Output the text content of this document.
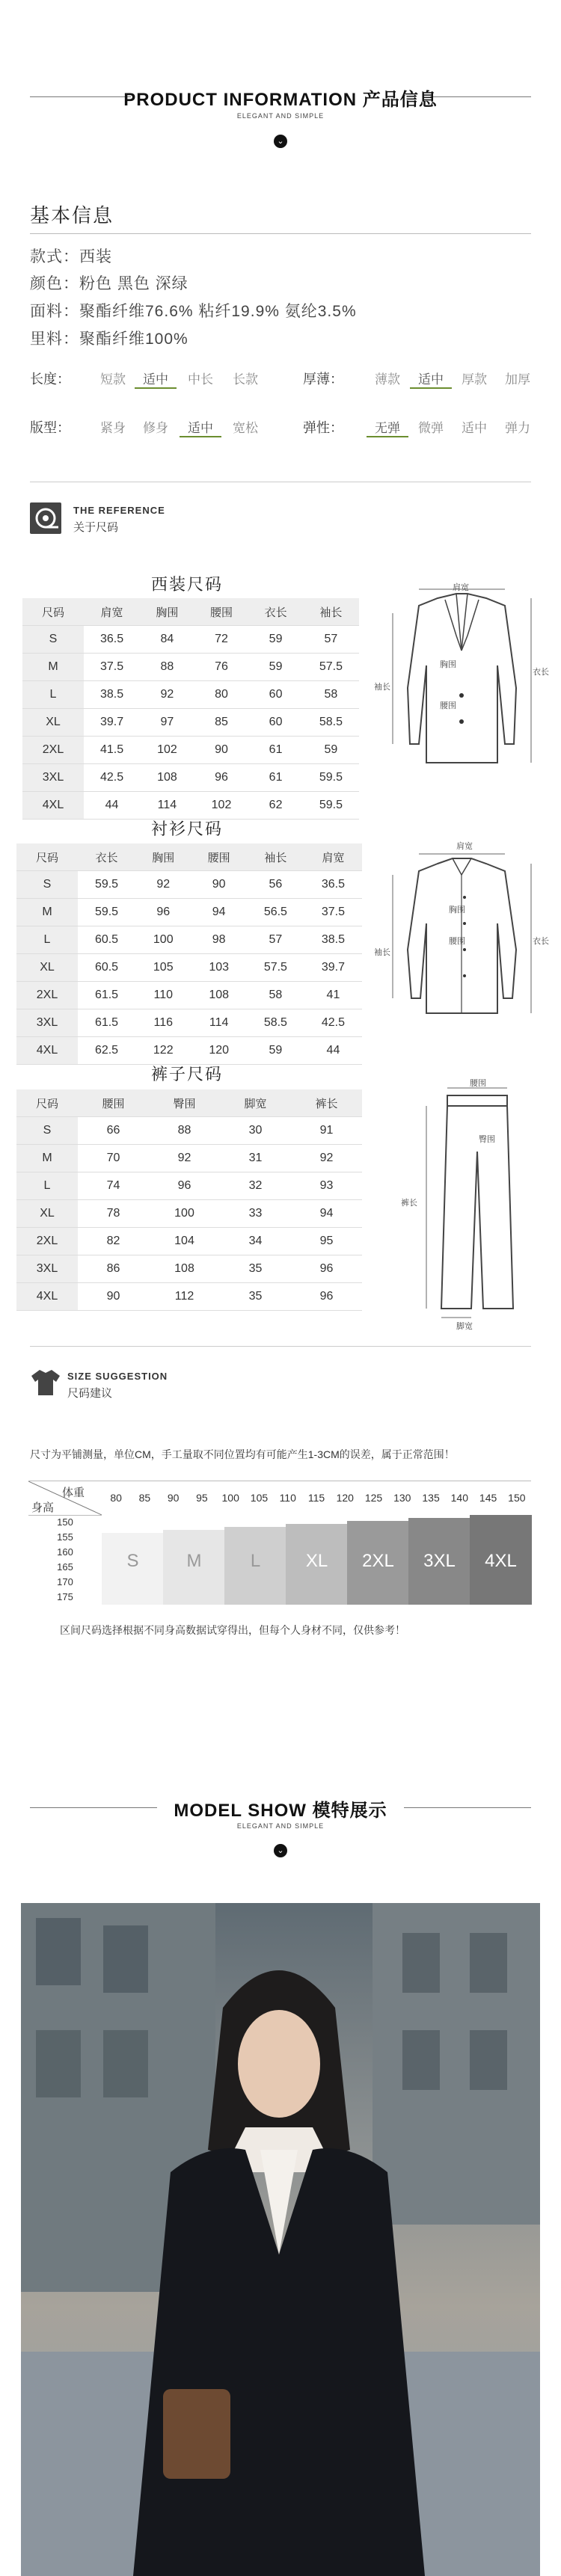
PRODUCT INFORMATION 产品信息
ELEGANT AND SIMPLE
⌄
基本信息
款式：西装
颜色：粉色 黑色 深绿
面料：聚酯纤维76.6% 粘纤19.9% 氨纶3.5%
里料：聚酯纤维100%
长度：	短款	适中	中长	长款	厚薄：	薄款	适中	厚款	加厚
版型：	紧身	修身	适中	宽松	弹性：	无弹	微弹	适中	弹力
THE REFERENCE
关于尺码
西装尺码
尺码	肩宽	胸围	腰围	衣长	袖长
S	36.5	84	72	59	57
M	37.5	88	76	59	57.5
L	38.5	92	80	60	58
XL	39.7	97	85	60	58.5
2XL	41.5	102	90	61	59
3XL	42.5	108	96	61	59.5
4XL	44	114	102	62	59.5
肩宽
胸围
腰围
衣长
袖长
衬衫尺码
尺码	衣长	胸围	腰围	袖长	肩宽
S	59.5	92	90	56	36.5
M	59.5	96	94	56.5	37.5
L	60.5	100	98	57	38.5
XL	60.5	105	103	57.5	39.7
2XL	61.5	110	108	58	41
3XL	61.5	116	114	58.5	42.5
4XL	62.5	122	120	59	44
肩宽
胸围
腰围	衣长
袖长
裤子尺码
尺码	腰围	臀围	脚宽	裤长
S	66	88	30	91
M	70	92	31	92
L	74	96	32	93
XL	78	100	33	94
2XL	82	104	34	95
3XL	86	108	35	96
4XL	90	112	35	96
腰围
臀围
裤长
脚宽
SIZE SUGGESTION
尺码建议
尺寸为平铺测量，单位CM，手工量取不同位置均有可能产生1-3CM的误差，属于正常范围！
体重
身高
80	85	90	95	100	105	110	115	120	125	130	135	140	145	150
150
155
160
165
170
175
S	M	L	XL	2XL	3XL	4XL
区间尺码选择根据不同身高数据试穿得出，但每个人身材不同，仅供参考！
MODEL SHOW 模特展示
ELEGANT AND SIMPLE
⌄
